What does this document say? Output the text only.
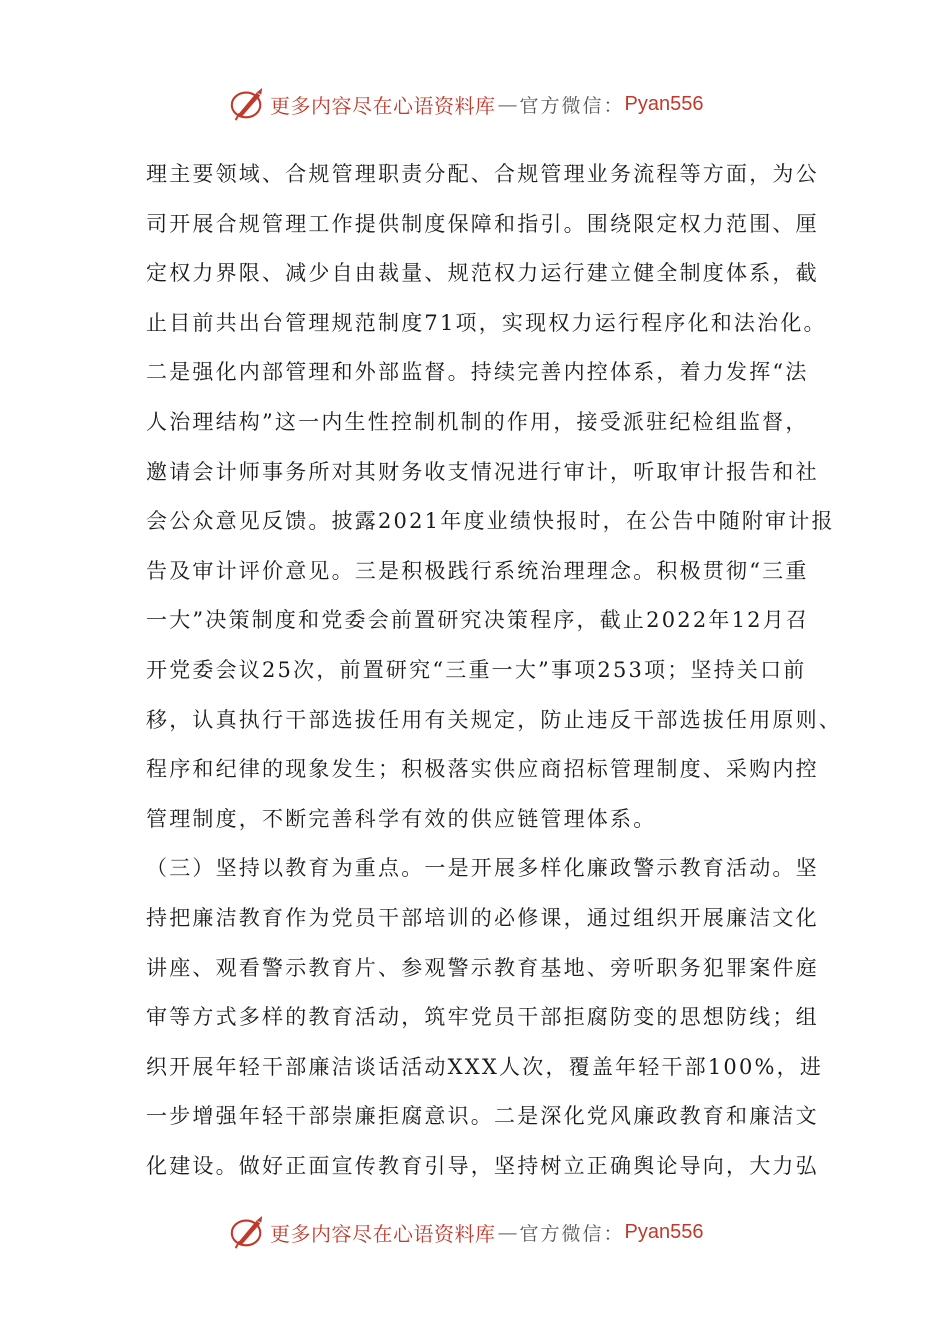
更多内容尽在心语资料库 — 官方微信： Pyan556
理主要领域、合规管理职责分配、合规管理业务流程等方面，为公
司开展合规管理工作提供制度保障和指引。围绕限定权力范围、厘
定权力界限、减少自由裁量、规范权力运行建立健全制度体系，截
止目前共出台管理规范制度71项，实现权力运行程序化和法治化。
二是强化内部管理和外部监督。持续完善内控体系，着力发挥“法
人治理结构”这一内生性控制机制的作用，接受派驻纪检组监督，
邀请会计师事务所对其财务收支情况进行审计，听取审计报告和社
会公众意见反馈。披露2021年度业绩快报时，在公告中随附审计报
告及审计评价意见。三是积极践行系统治理理念。积极贯彻“三重
一大”决策制度和党委会前置研究决策程序，截止2022年12月召
开党委会议25次，前置研究“三重一大”事项253项；坚持关口前
移，认真执行干部选拔任用有关规定，防止违反干部选拔任用原则、
程序和纪律的现象发生；积极落实供应商招标管理制度、采购内控
管理制度，不断完善科学有效的供应链管理体系。
（三）坚持以教育为重点。一是开展多样化廉政警示教育活动。坚
持把廉洁教育作为党员干部培训的必修课，通过组织开展廉洁文化
讲座、观看警示教育片、参观警示教育基地、旁听职务犯罪案件庭
审等方式多样的教育活动，筑牢党员干部拒腐防变的思想防线；组
织开展年轻干部廉洁谈话活动XXX人次，覆盖年轻干部100%，进
一步增强年轻干部崇廉拒腐意识。二是深化党风廉政教育和廉洁文
化建设。做好正面宣传教育引导，坚持树立正确舆论导向，大力弘
更多内容尽在心语资料库 — 官方微信： Pyan556
